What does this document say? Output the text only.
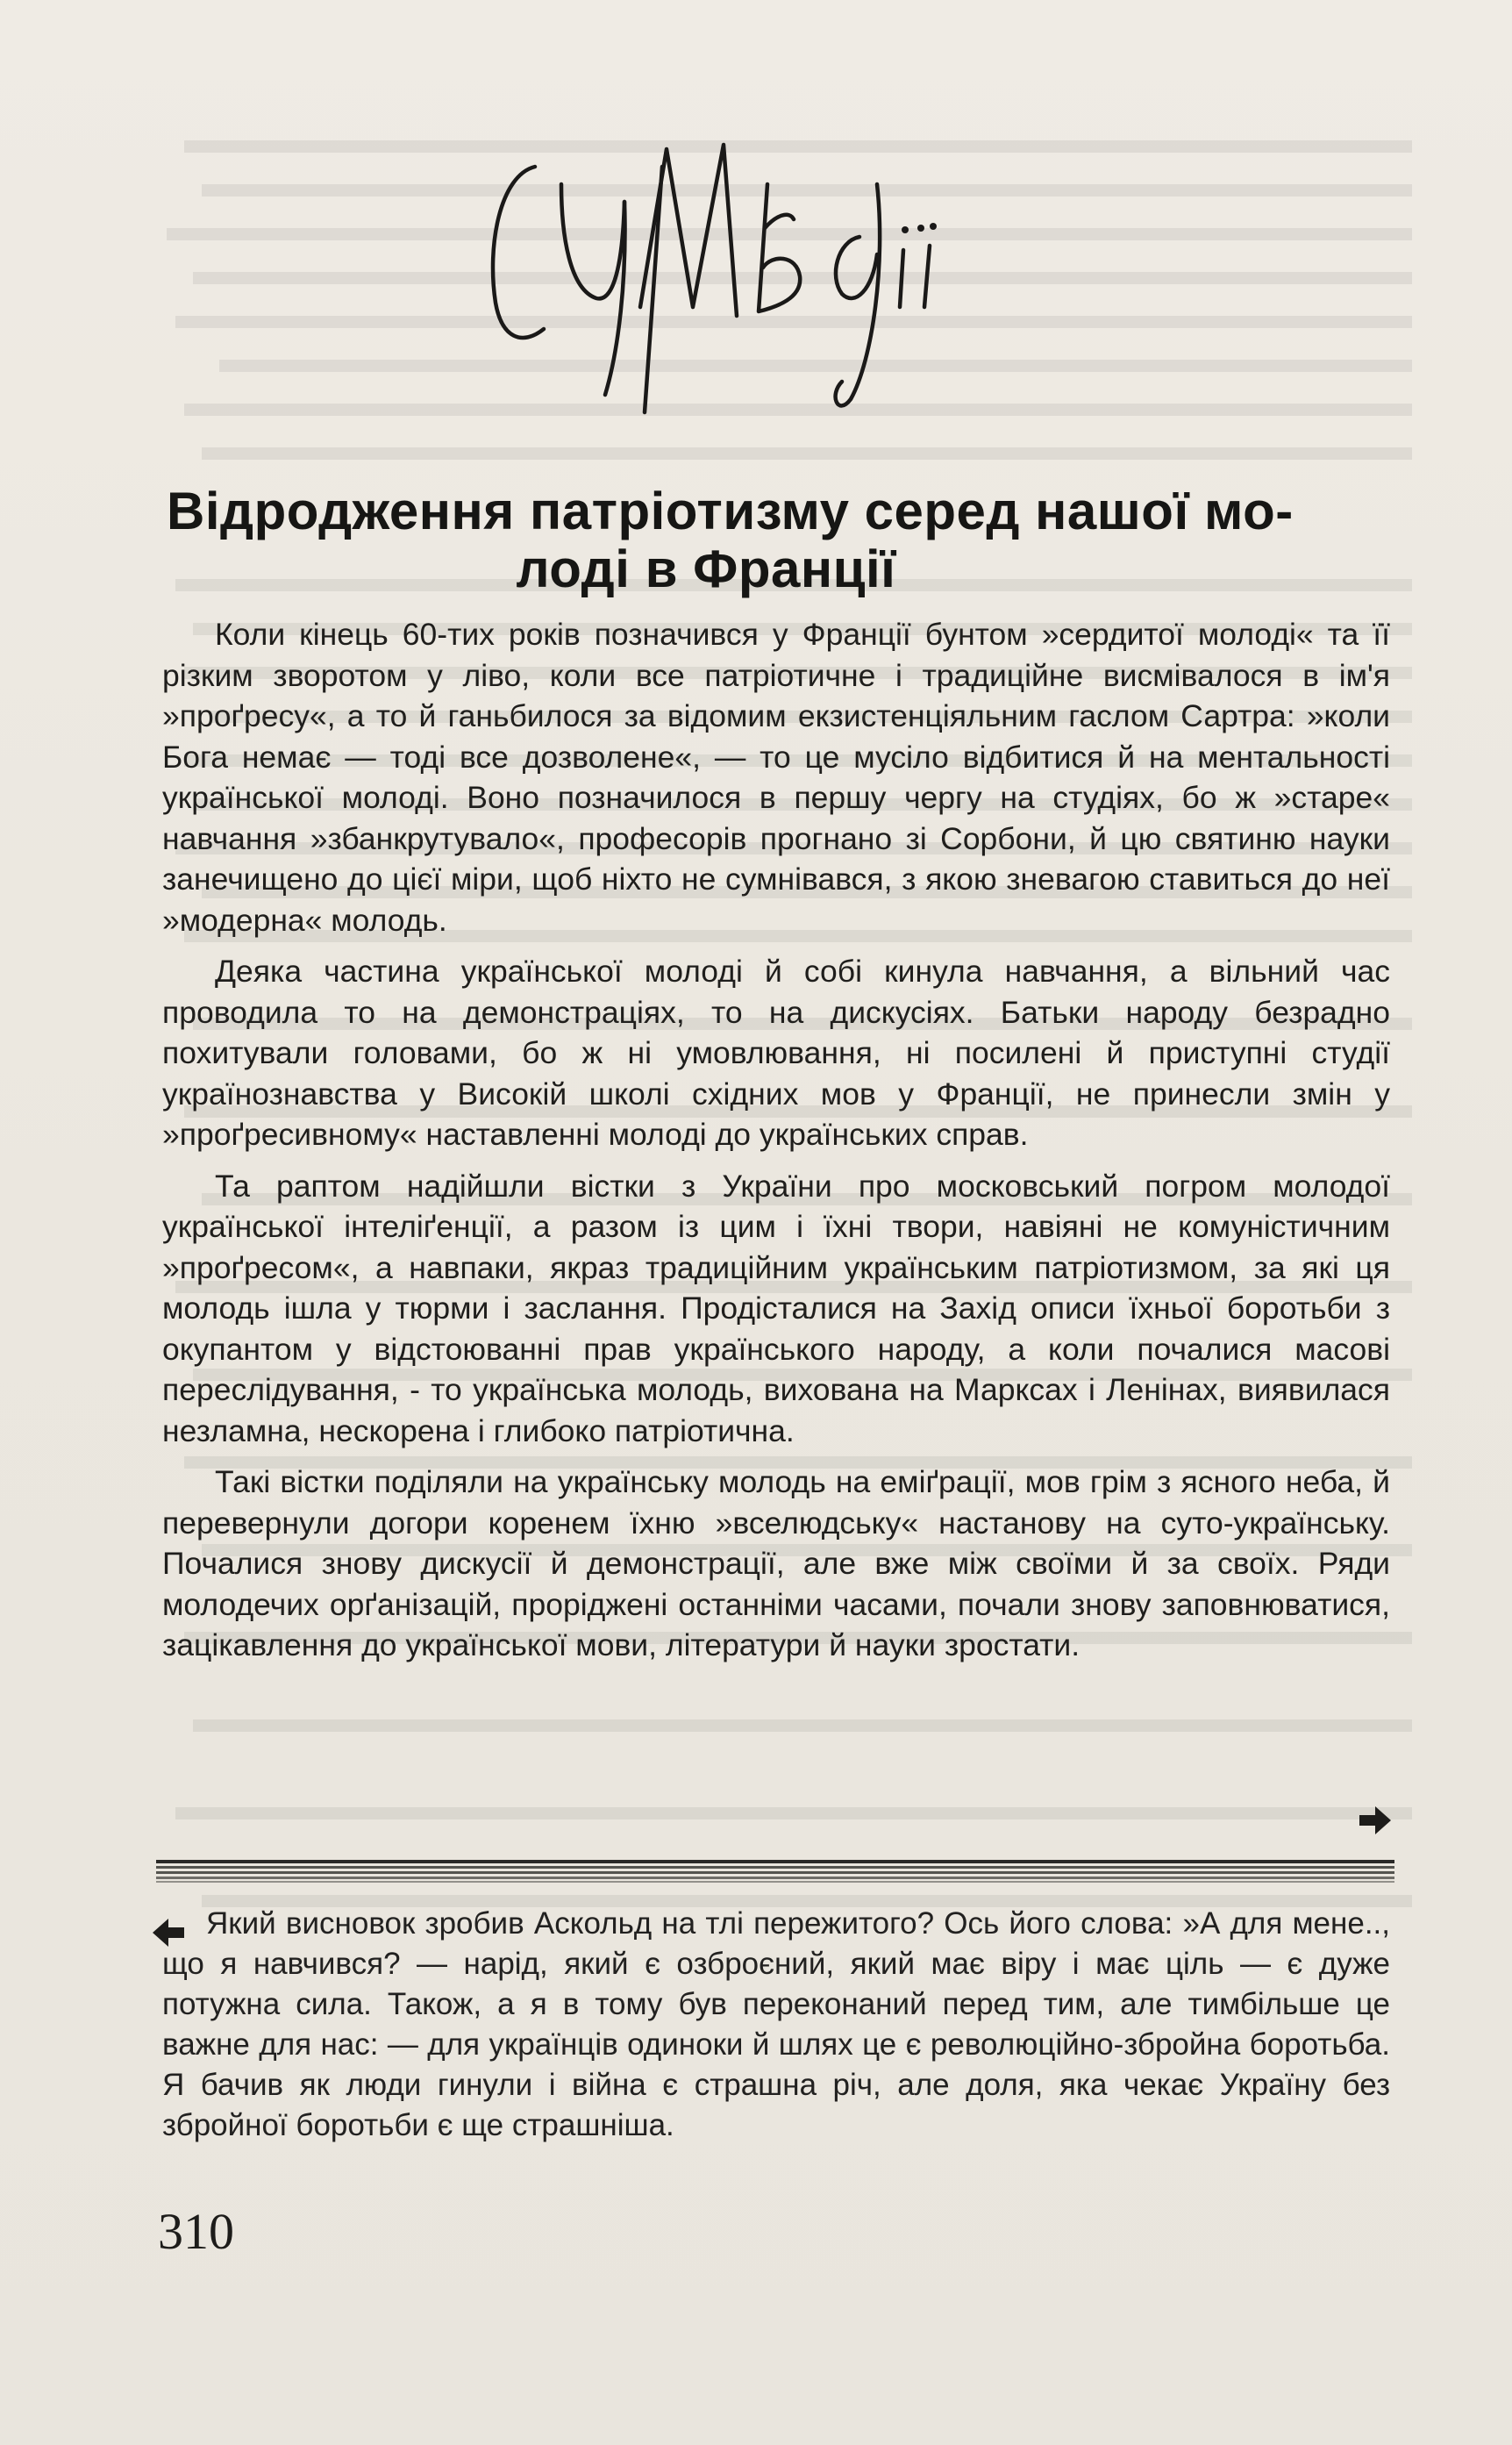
Відродження патріотизму серед нашої мо-
лоді в Франції

Коли кінець 60-тих років позначився у Франції бунтом »сердитої молоді« та її різким зворотом у ліво, коли все патріотичне і традиційне висмівалося в ім'я »проґресу«, а то й ганьбилося за відомим екзистенціяльним гаслом Сартра: »коли Бога немає — тоді все дозволене«, — то це мусіло відбитися й на ментальності української молоді. Воно позначилося в першу чергу на студіях, бо ж »старе« навчання »збанкрутувало«, професорів прогнано зі Сорбони, й цю святиню науки занечищено до цієї міри, щоб ніхто не сумнівався, з якою зневагою ставиться до неї »модерна« молодь.

Деяка частина української молоді й собі кинула навчання, а вільний час проводила то на демонстраціях, то на дискусіях. Батьки народу безрадно похитували головами, бо ж ні умовлювання, ні посилені й приступні студії українознавства у Високій школі східних мов у Франції, не принесли змін у »проґресивному« наставленні молоді до українських справ.

Та раптом надійшли вістки з України про московський погром молодої української інтеліґенції, а разом із цим і їхні твори, навіяні не комуністичним »проґресом«, а навпаки, якраз традиційним українським патріотизмом, за які ця молодь ішла у тюрми і заслання. Продісталися на Захід описи їхньої боротьби з окупантом у відстоюванні прав українського народу, а коли почалися масові переслідування, - то українська молодь, вихована на Марксах і Ленінах, виявилася незламна, нескорена і глибоко патріотична.

Такі вістки поділяли на українську молодь на еміґрації, мов грім з ясного неба, й перевернули догори коренем їхню »вселюдську« настанову на суто-українську. Почалися знову дискусії й демонстрації, але вже між своїми й за своїх. Ряди молодечих орґанізацій, проріджені останніми часами, почали знову заповнюватися, зацікавлення до української мови, літератури й науки зростати.

Який висновок зробив Аскольд на тлі пережитого? Ось його слова: »А для мене.., що я навчився? — нарід, який є озброєний, який має віру і має ціль — є дуже потужна сила. Також, а я в тому був переконаний перед тим, але тимбільше це важне для нас: — для українців одиноки й шлях це є революційно-збройна боротьба. Я бачив як люди гинули і війна є страшна річ, але доля, яка чекає Україну без збройної боротьби є ще страшніша.

310
